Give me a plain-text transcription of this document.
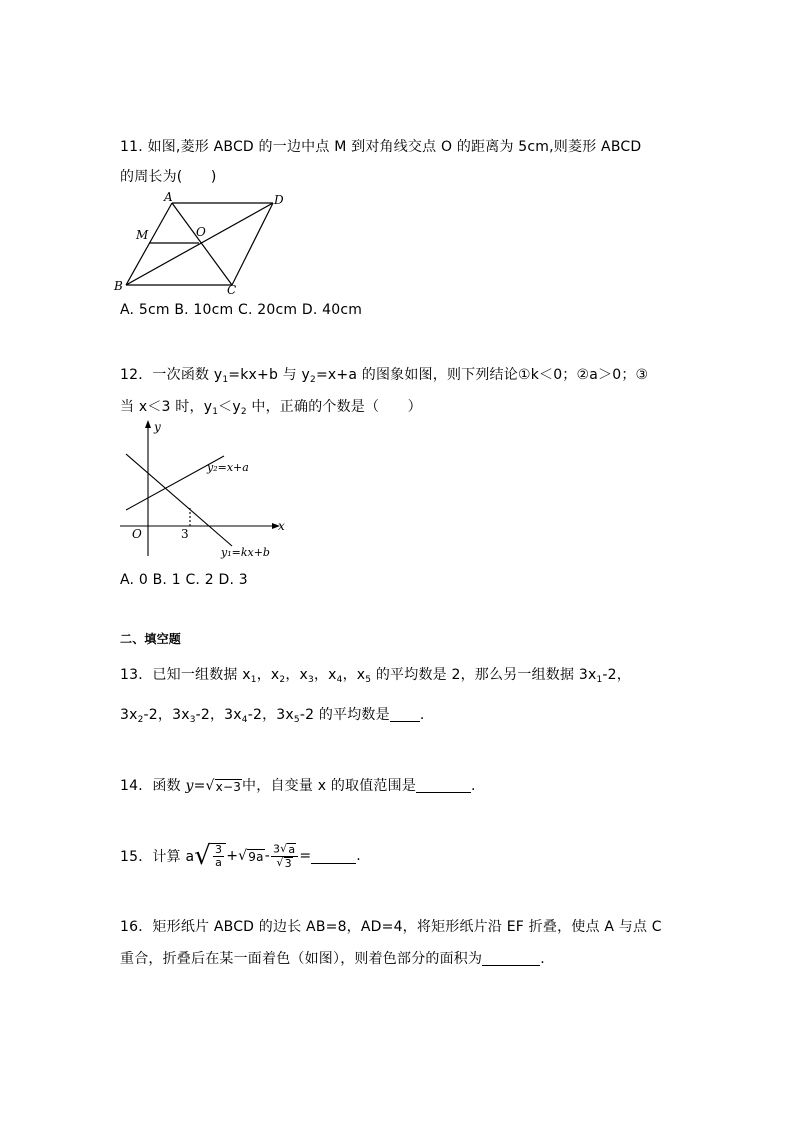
11. 如图,菱形 ABCD 的一边中点 M 到对角线交点 O 的距离为 5cm,则菱形 ABCD
的周长为(　　)
A	D
M	O
B	C
A. 5cm B. 10cm C. 20cm D. 40cm
12．一次函数 $y_1=kx+b$ 与 $y_2=x+a$ 的图象如图，则下列结论①k＜0；②a＞0；③
当 x＜3 时，$y_1<y_2$ 中，正确的个数是（　　）
y
x
O	3
y₂=x+a
y₁=kx+b
A. 0 B. 1 C. 2 D. 3
二、填空题
13．已知一组数据 $x_1$，$x_2$，$x_3$，$x_4$，$x_5$ 的平均数是 2，那么另一组数据 $3x_1-2$，
$3x_2-2$，$3x_3-2$，$3x_4-2$，$3x_5-2$ 的平均数是 .
14．函数 y= √ x−3 中，自变量 x 的取值范围是	.
15．计算 a √ $\frac{3}{a}$ + √ $9a - \frac{3 √ a}{√ 3}$ =	.
16．矩形纸片 ABCD 的边长 AB=8，AD=4，将矩形纸片沿 EF 折叠，使点 A 与点 C
重合，折叠后在某一面着色（如图），则着色部分的面积为	.
